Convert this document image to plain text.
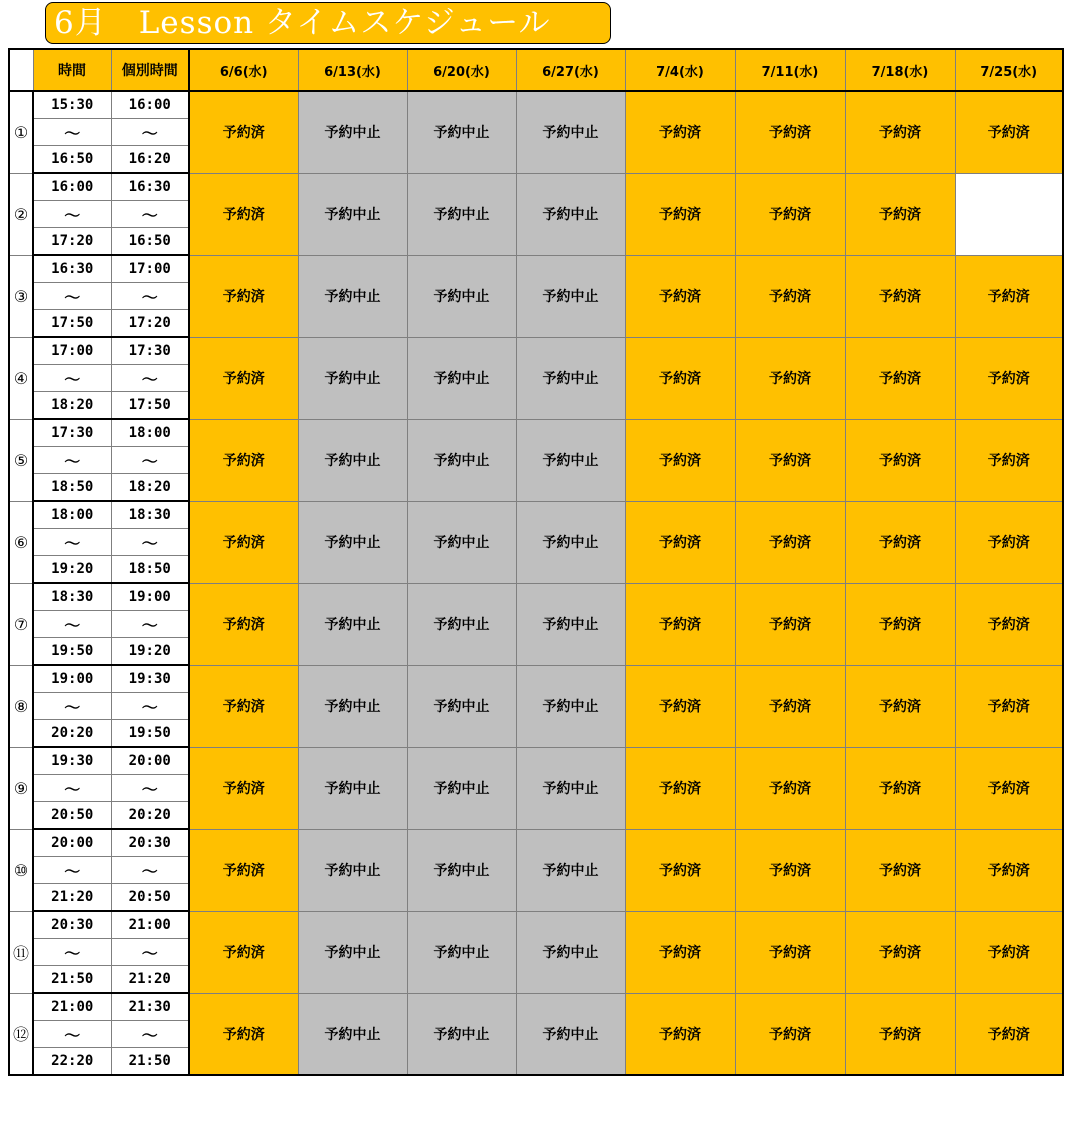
6月　Lesson タイムスケジュール
	時間	個別時間	6/6(水)	6/13(水)	6/20(水)	6/27(水)	7/4(水)	7/11(水)	7/18(水)	7/25(水)
①	15:30	16:00	予約済	予約中止	予約中止	予約中止	予約済	予約済	予約済	予約済
	～	～								
	16:50	16:20								
②	16:00	16:30	予約済	予約中止	予約中止	予約中止	予約済	予約済	予約済	
	～	～								
	17:20	16:50								
③	16:30	17:00	予約済	予約中止	予約中止	予約中止	予約済	予約済	予約済	予約済
	～	～								
	17:50	17:20								
④	17:00	17:30	予約済	予約中止	予約中止	予約中止	予約済	予約済	予約済	予約済
	～	～								
	18:20	17:50								
⑤	17:30	18:00	予約済	予約中止	予約中止	予約中止	予約済	予約済	予約済	予約済
	～	～								
	18:50	18:20								
⑥	18:00	18:30	予約済	予約中止	予約中止	予約中止	予約済	予約済	予約済	予約済
	～	～								
	19:20	18:50								
⑦	18:30	19:00	予約済	予約中止	予約中止	予約中止	予約済	予約済	予約済	予約済
	～	～								
	19:50	19:20								
⑧	19:00	19:30	予約済	予約中止	予約中止	予約中止	予約済	予約済	予約済	予約済
	～	～								
	20:20	19:50								
⑨	19:30	20:00	予約済	予約中止	予約中止	予約中止	予約済	予約済	予約済	予約済
	～	～								
	20:50	20:20								
⑩	20:00	20:30	予約済	予約中止	予約中止	予約中止	予約済	予約済	予約済	予約済
	～	～								
	21:20	20:50								
⑪	20:30	21:00	予約済	予約中止	予約中止	予約中止	予約済	予約済	予約済	予約済
	～	～								
	21:50	21:20								
⑫	21:00	21:30	予約済	予約中止	予約中止	予約中止	予約済	予約済	予約済	予約済
	～	～								
	22:20	21:50								
